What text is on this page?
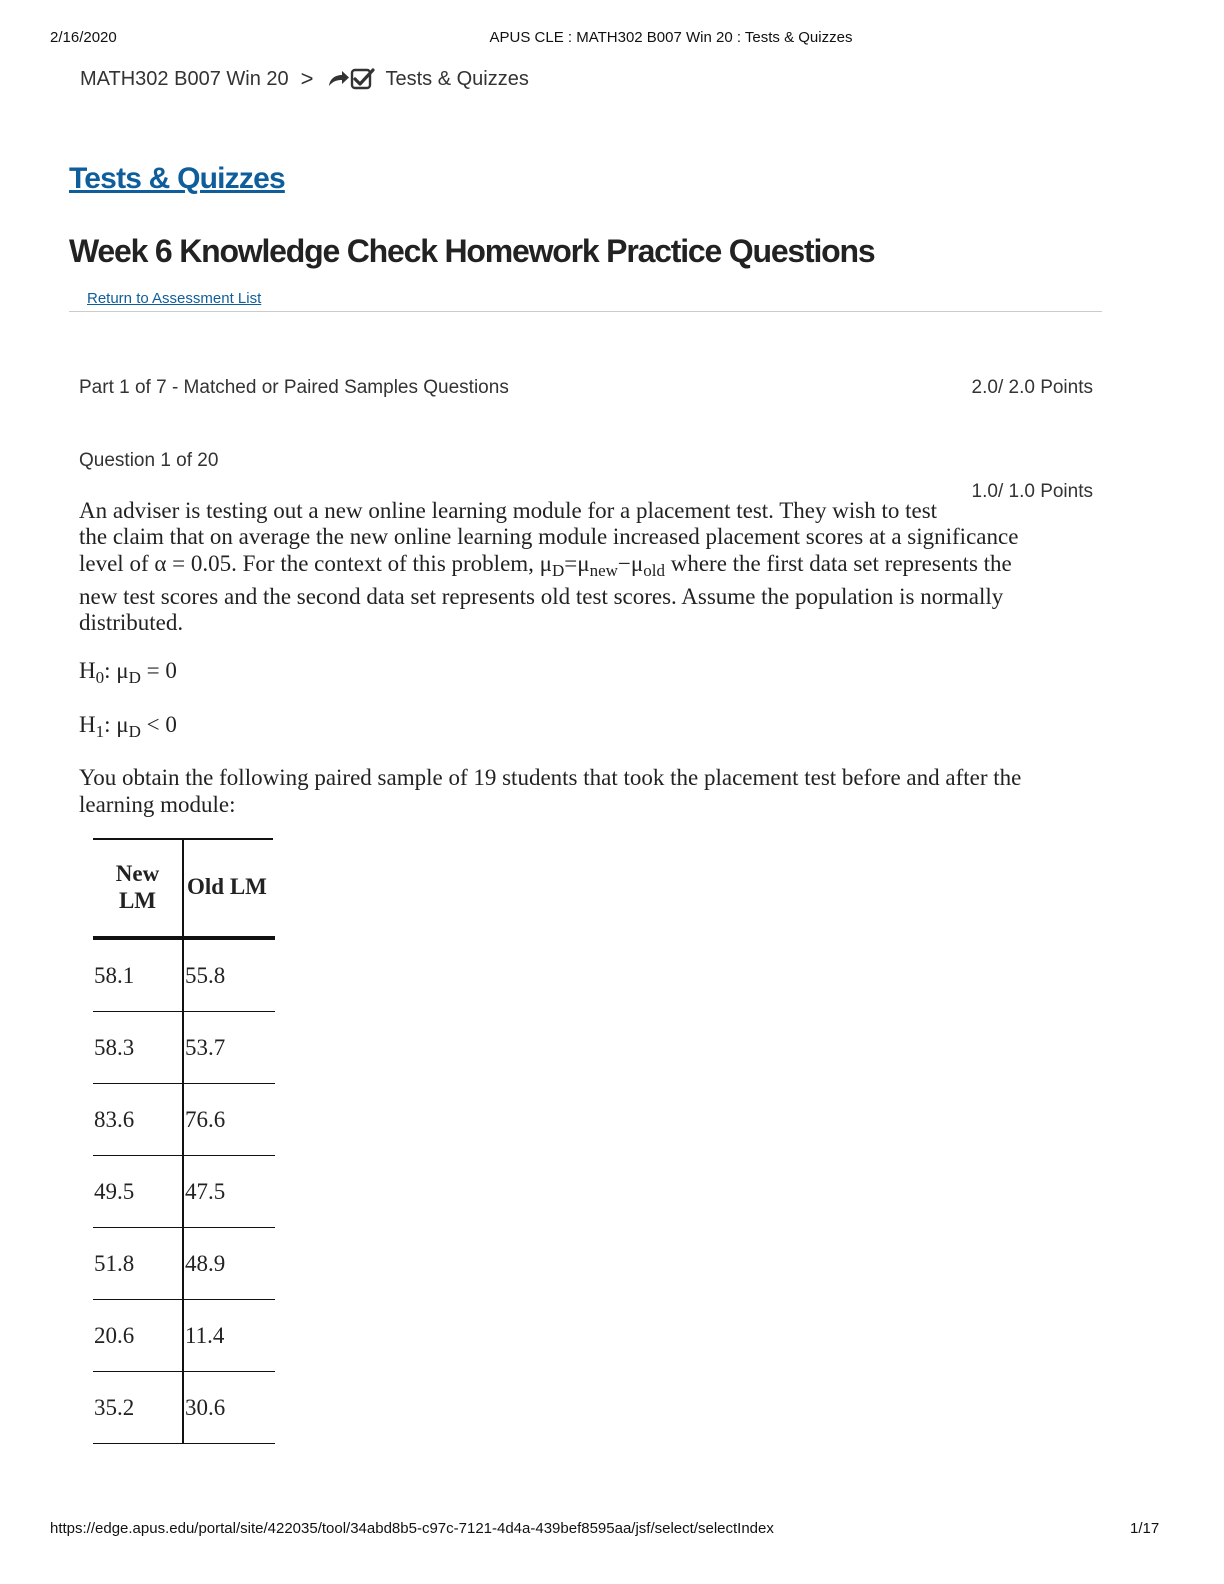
2/16/2020	APUS CLE : MATH302 B007 Win 20 : Tests & Quizzes
MATH302 B007 Win 20 >	Tests & Quizzes
Tests & Quizzes
Week 6 Knowledge Check Homework Practice Questions
Return to Assessment List
Part 1 of 7 - Matched or Paired Samples Questions	2.0/ 2.0 Points
Question 1 of 20
1.0/ 1.0 Points
An adviser is testing out a new online learning module for a placement test. They wish to test
the claim that on average the new online learning module increased placement scores at a significance
level of α = 0.05. For the context of this problem, $\mu_D=\mu_{new}-\mu_{old}$ where the first data set represents the
new test scores and the second data set represents old test scores. Assume the population is normally
distributed.
$H_0$: $\mu_D = 0$
$H_1$: $\mu_D < 0$
You obtain the following paired sample of 19 students that took the placement test before and after the
learning module:
New
LM	Old LM
58.1	55.8
58.3	53.7
83.6	76.6
49.5	47.5
51.8	48.9
20.6	11.4
35.2	30.6
https://edge.apus.edu/portal/site/422035/tool/34abd8b5-c97c-7121-4d4a-439bef8595aa/jsf/select/selectIndex	1/17
